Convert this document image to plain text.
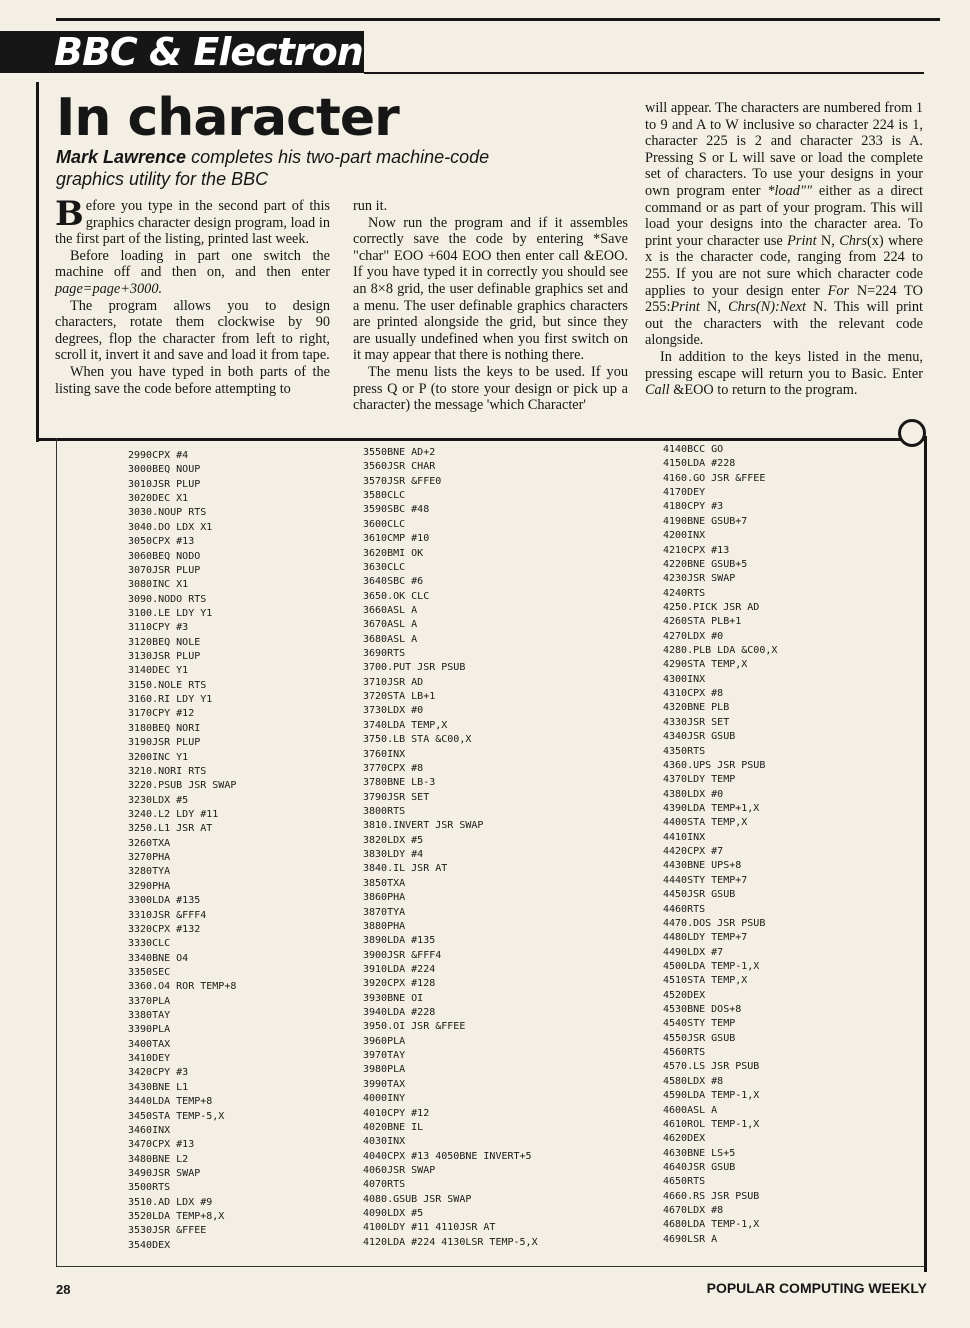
BBC & Electron
In character

Mark Lawrence completes his two-part machine-code graphics utility for the BBC

Before you type in the second part of this graphics character design program, load in the first part of the listing, printed last week.

Before loading in part one switch the machine off and then on, and then enter page=page+3000.

The program allows you to design characters, rotate them clockwise by 90 degrees, flop the character from left to right, scroll it, invert it and save and load it from tape.

When you have typed in both parts of the listing save the code before attempting to

run it.

Now run the program and if it assembles correctly save the code by entering *Save "char" EOO +604 EOO then enter call &EOO. If you have typed it in correctly you should see an 8×8 grid, the user definable graphics set and a menu. The user definable graphics characters are printed alongside the grid, but since they are usually undefined when you first switch on it may appear that there is nothing there.

The menu lists the keys to be used. If you press Q or P (to store your design or pick up a character) the message 'which Character'

will appear. The characters are numbered from 1 to 9 and A to W inclusive so character 224 is 1, character 225 is 2 and character 233 is A. Pressing S or L will save or load the complete set of characters. To use your designs in your own program enter *load"" either as a direct command or as part of your program. This will load your designs into the character area. To print your character use Print N, Chrs(x) where x is the character code, ranging from 224 to 255. If you are not sure which character code applies to your design enter For N=224 TO 255:Print N, Chrs(N):Next N. This will print out the characters with the relevant code alongside.

In addition to the keys listed in the menu, pressing escape will return you to Basic. Enter Call &EOO to return to the program.

2990CPX #4
3000BEQ NOUP
3010JSR PLUP
3020DEC X1
3030.NOUP RTS
3040.DO LDX X1
3050CPX #13
3060BEQ NODO
3070JSR PLUP
3080INC X1
3090.NODO RTS
3100.LE LDY Y1
3110CPY #3
3120BEQ NOLE
3130JSR PLUP
3140DEC Y1
3150.NOLE RTS
3160.RI LDY Y1
3170CPY #12
3180BEQ NORI
3190JSR PLUP
3200INC Y1
3210.NORI RTS
3220.PSUB JSR SWAP
3230LDX #5
3240.L2 LDY #11
3250.L1 JSR AT
3260TXA
3270PHA
3280TYA
3290PHA
3300LDA #135
3310JSR &FFF4
3320CPX #132
3330CLC
3340BNE O4
3350SEC
3360.O4 ROR TEMP+8
3370PLA
3380TAY
3390PLA
3400TAX
3410DEY
3420CPY #3
3430BNE L1
3440LDA TEMP+8
3450STA TEMP-5,X
3460INX
3470CPX #13
3480BNE L2
3490JSR SWAP
3500RTS
3510.AD LDX #9
3520LDA TEMP+8,X
3530JSR &FFEE
3540DEX
3550BNE AD+2
3560JSR CHAR
3570JSR &FFE0
3580CLC
3590SBC #48
3600CLC
3610CMP #10
3620BMI OK
3630CLC
3640SBC #6
3650.OK CLC
3660ASL A
3670ASL A
3680ASL A
3690RTS
3700.PUT JSR PSUB
3710JSR AD
3720STA LB+1
3730LDX #0
3740LDA TEMP,X
3750.LB STA &C00,X
3760INX
3770CPX #8
3780BNE LB-3
3790JSR SET
3800RTS
3810.INVERT JSR SWAP
3820LDX #5
3830LDY #4
3840.IL JSR AT
3850TXA
3860PHA
3870TYA
3880PHA
3890LDA #135
3900JSR &FFF4
3910LDA #224
3920CPX #128
3930BNE OI
3940LDA #228
3950.OI JSR &FFEE
3960PLA
3970TAY
3980PLA
3990TAX
4000INY
4010CPY #12
4020BNE IL
4030INX
4040CPX #13 4050BNE INVERT+5
4060JSR SWAP
4070RTS
4080.GSUB JSR SWAP
4090LDX #5
4100LDY #11 4110JSR AT
4120LDA #224 4130LSR TEMP-5,X
4140BCC GO
4150LDA #228
4160.GO JSR &FFEE
4170DEY
4180CPY #3
4190BNE GSUB+7
4200INX
4210CPX #13
4220BNE GSUB+5
4230JSR SWAP
4240RTS
4250.PICK JSR AD
4260STA PLB+1
4270LDX #0
4280.PLB LDA &C00,X
4290STA TEMP,X
4300INX
4310CPX #8
4320BNE PLB
4330JSR SET
4340JSR GSUB
4350RTS
4360.UPS JSR PSUB
4370LDY TEMP
4380LDX #0
4390LDA TEMP+1,X
4400STA TEMP,X
4410INX
4420CPX #7
4430BNE UPS+8
4440STY TEMP+7
4450JSR GSUB
4460RTS
4470.DOS JSR PSUB
4480LDY TEMP+7
4490LDX #7
4500LDA TEMP-1,X
4510STA TEMP,X
4520DEX
4530BNE DOS+8
4540STY TEMP
4550JSR GSUB
4560RTS
4570.LS JSR PSUB
4580LDX #8
4590LDA TEMP-1,X
4600ASL A
4610ROL TEMP-1,X
4620DEX
4630BNE LS+5
4640JSR GSUB
4650RTS
4660.RS JSR PSUB
4670LDX #8
4680LDA TEMP-1,X
4690LSR A
28	POPULAR COMPUTING WEEKLY
